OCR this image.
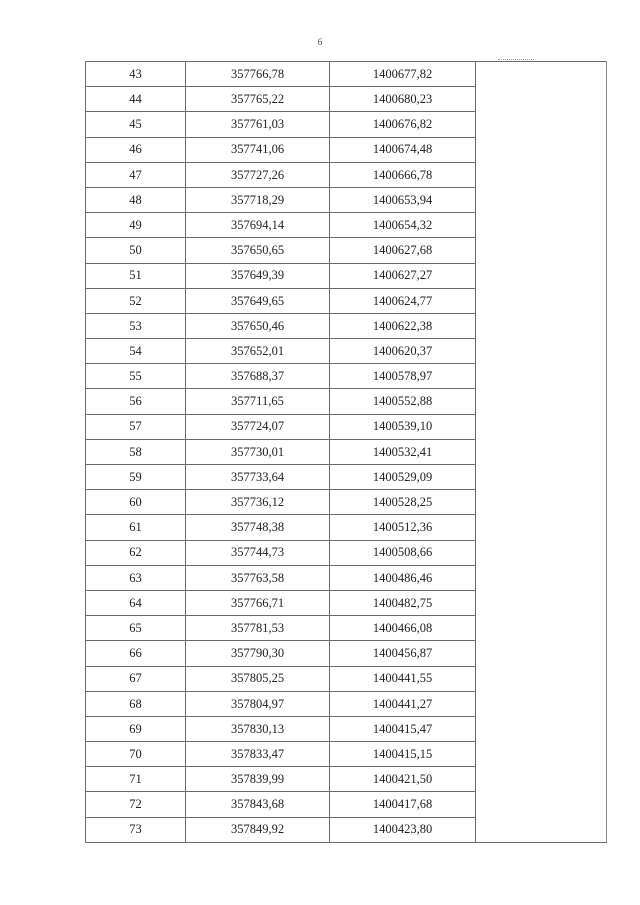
6
43	357766,78	1400677,82	
44	357765,22	1400680,23	
45	357761,03	1400676,82	
46	357741,06	1400674,48	
47	357727,26	1400666,78	
48	357718,29	1400653,94	
49	357694,14	1400654,32	
50	357650,65	1400627,68	
51	357649,39	1400627,27	
52	357649,65	1400624,77	
53	357650,46	1400622,38	
54	357652,01	1400620,37	
55	357688,37	1400578,97	
56	357711,65	1400552,88	
57	357724,07	1400539,10	
58	357730,01	1400532,41	
59	357733,64	1400529,09	
60	357736,12	1400528,25	
61	357748,38	1400512,36	
62	357744,73	1400508,66	
63	357763,58	1400486,46	
64	357766,71	1400482,75	
65	357781,53	1400466,08	
66	357790,30	1400456,87	
67	357805,25	1400441,55	
68	357804,97	1400441,27	
69	357830,13	1400415,47	
70	357833,47	1400415,15	
71	357839,99	1400421,50	
72	357843,68	1400417,68	
73	357849,92	1400423,80	
